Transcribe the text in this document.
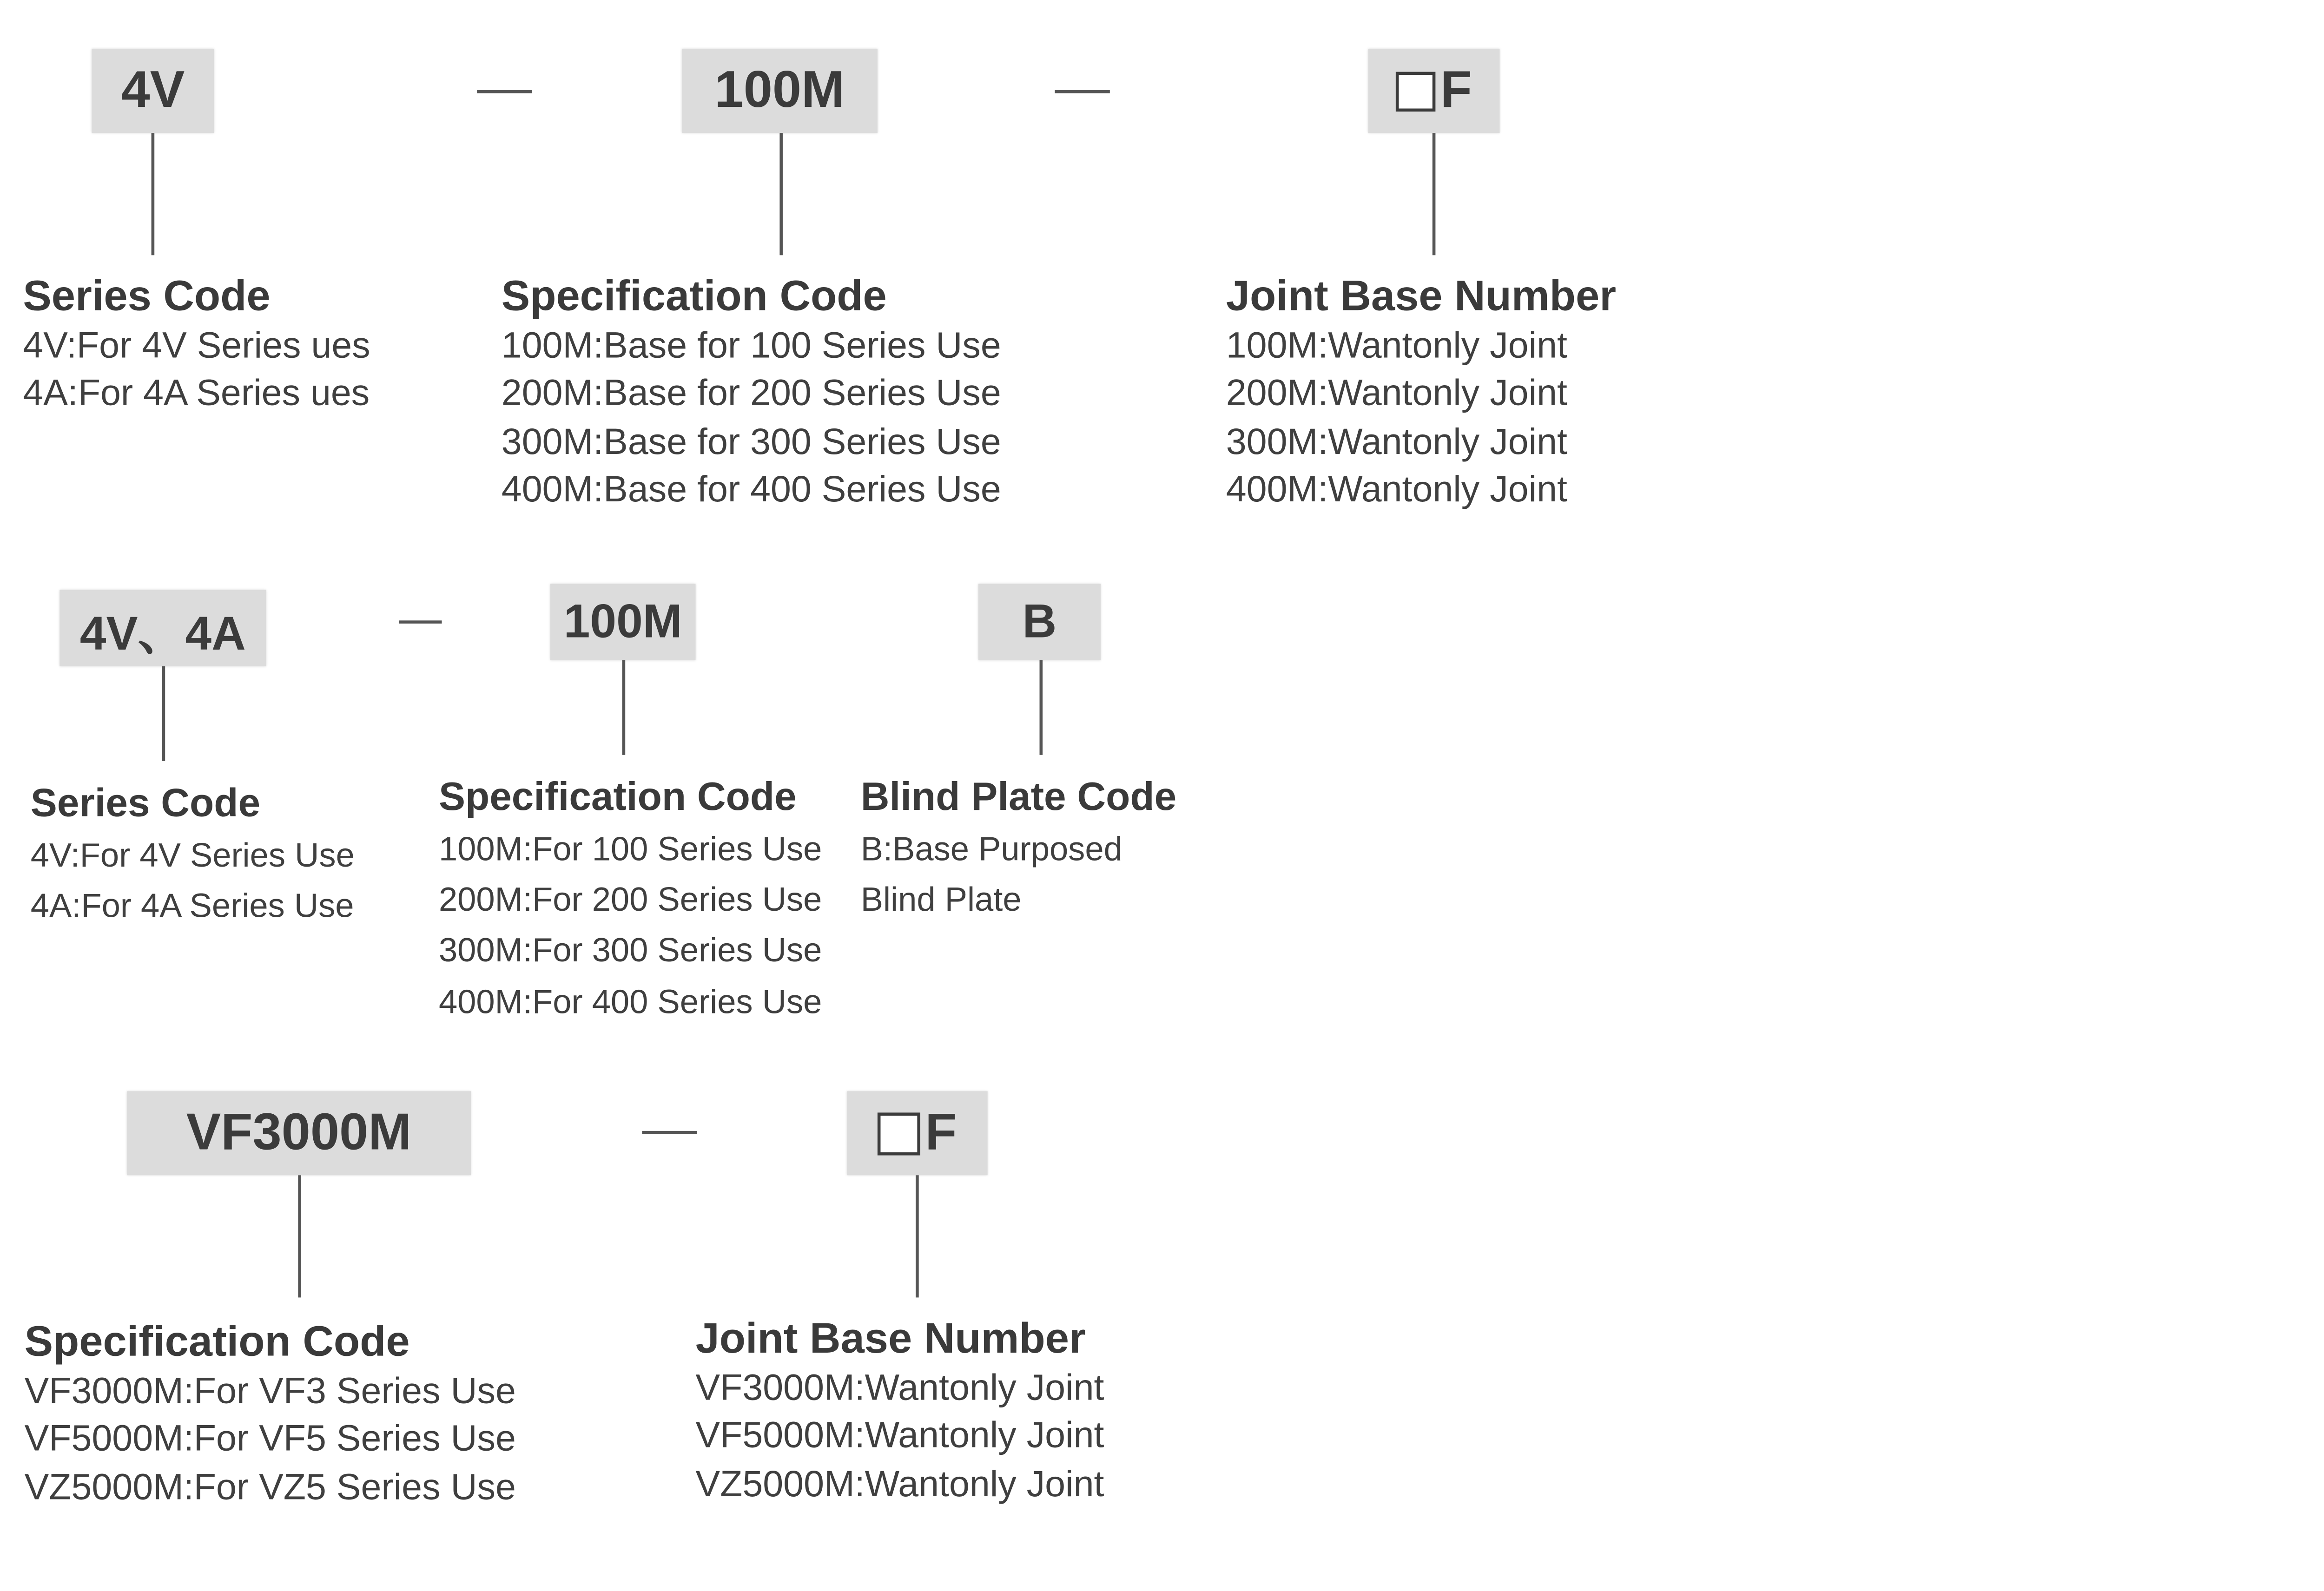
4V	100M	F
Series Code
4V:For 4V Series ues
4A:For 4A Series ues
Specification Code
100M:Base for 100 Series Use
200M:Base for 200 Series Use
300M:Base for 300 Series Use
400M:Base for 400 Series Use
Joint Base Number
100M:Wantonly Joint
200M:Wantonly Joint
300M:Wantonly Joint
400M:Wantonly Joint
4V、4A	100M	B
Series Code
4V:For 4V Series Use
4A:For 4A Series Use
Specification Code
100M:For 100 Series Use
200M:For 200 Series Use
300M:For 300 Series Use
400M:For 400 Series Use
Blind Plate Code
B:Base Purposed
Blind Plate
VF3000M	F
Specification Code
VF3000M:For VF3 Series Use
VF5000M:For VF5 Series Use
VZ5000M:For VZ5 Series Use
Joint Base Number
VF3000M:Wantonly Joint
VF5000M:Wantonly Joint
VZ5000M:Wantonly Joint
